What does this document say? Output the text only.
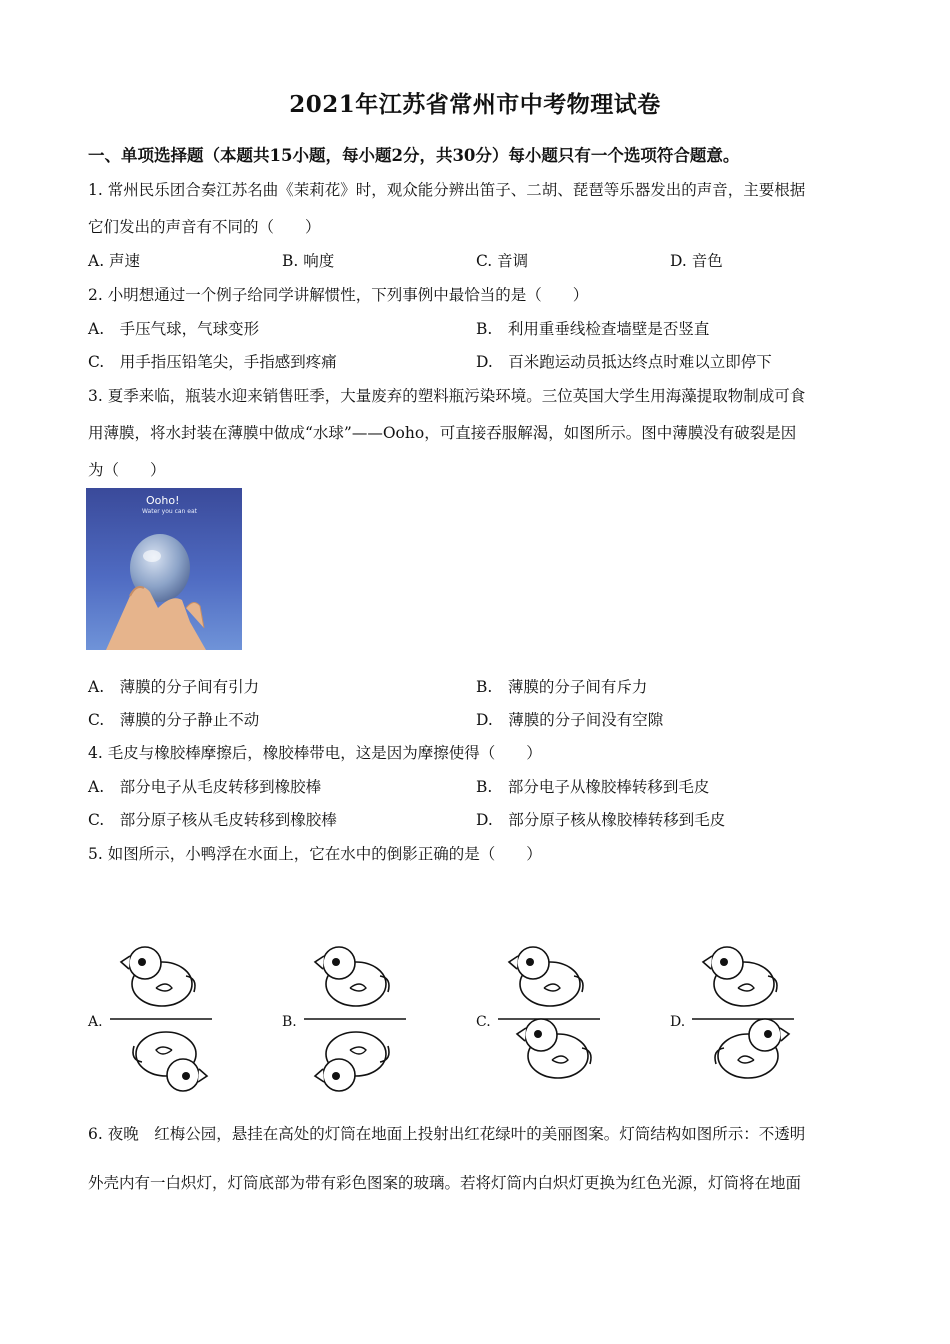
2021年江苏省常州市中考物理试卷
一、单项选择题（本题共15小题，每小题2分，共30分）每小题只有一个选项符合题意。
1. 常州民乐团合奏江苏名曲《茉莉花》时，观众能分辨出笛子、二胡、琵琶等乐器发出的声音，主要根据
它们发出的声音有不同的（　　）
A. 声速	B. 响度	C. 音调	D. 音色
2. 小明想通过一个例子给同学讲解惯性，下列事例中最恰当的是（　　）
A.　手压气球，气球变形	B.　利用重垂线检查墙壁是否竖直
C.　用手指压铅笔尖，手指感到疼痛	D.　百米跑运动员抵达终点时难以立即停下
3. 夏季来临，瓶装水迎来销售旺季，大量废弃的塑料瓶污染环境。三位英国大学生用海藻提取物制成可食
用薄膜，将水封装在薄膜中做成“水球”——Ooho，可直接吞服解渴，如图所示。图中薄膜没有破裂是因
为（　　）
Ooho!
Water you can eat
A.　薄膜的分子间有引力	B.　薄膜的分子间有斥力
C.　薄膜的分子静止不动	D.　薄膜的分子间没有空隙
4. 毛皮与橡胶棒摩擦后，橡胶棒带电，这是因为摩擦使得（　　）
A.　部分电子从毛皮转移到橡胶棒	B.　部分电子从橡胶棒转移到毛皮
C.　部分原子核从毛皮转移到橡胶棒	D.　部分原子核从橡胶棒转移到毛皮
5. 如图所示，小鸭浮在水面上，它在水中的倒影正确的是（　　）
A.	B.	C.	D.
6. 夜晚　红梅公园，悬挂在高处的灯筒在地面上投射出红花绿叶的美丽图案。灯筒结构如图所示：不透明
外壳内有一白炽灯，灯筒底部为带有彩色图案的玻璃。若将灯筒内白炽灯更换为红色光源，灯筒将在地面
